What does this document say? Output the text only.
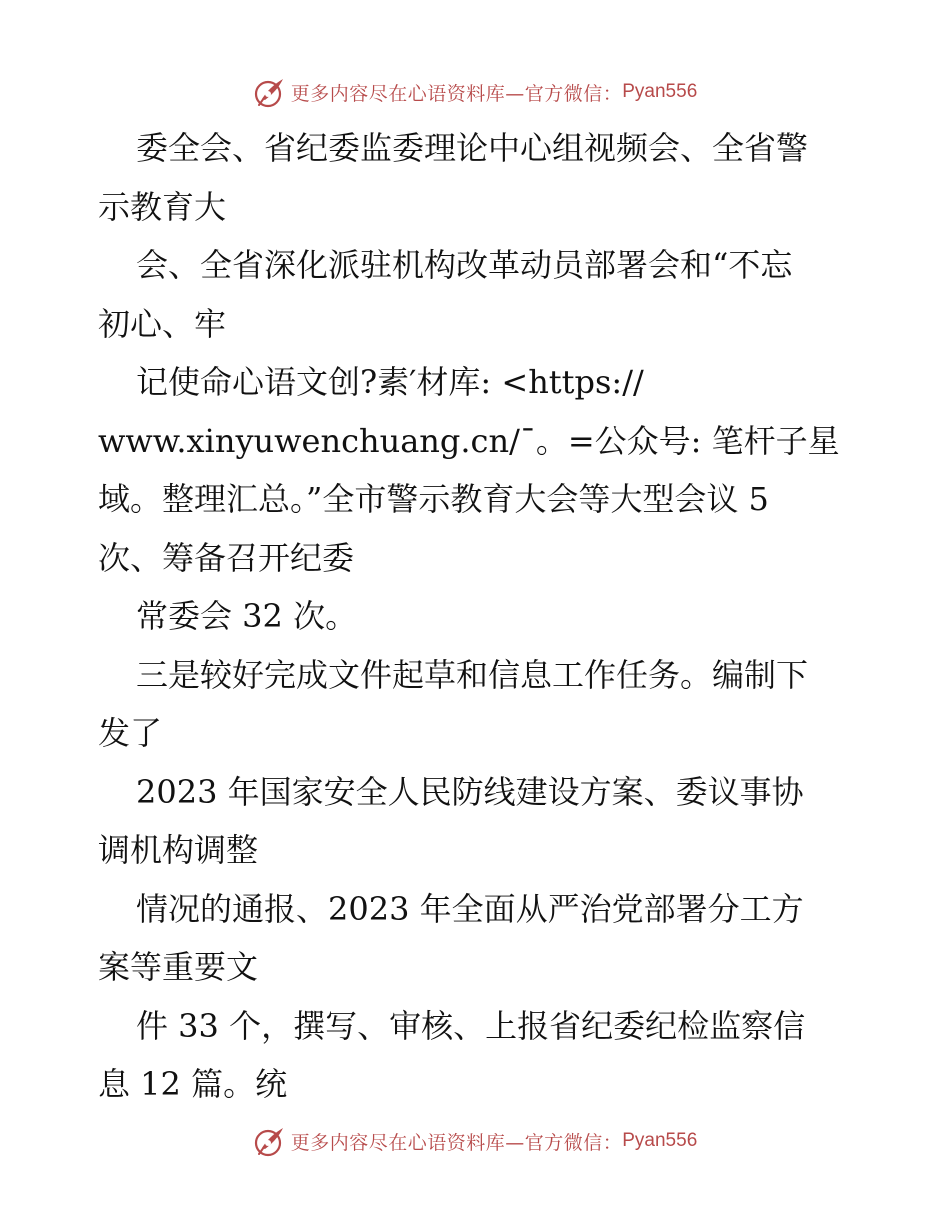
更多内容尽在心语资料库—官方微信： Pyan556
委全会、省纪委监委理论中心组视频会、全省警
示教育大
会、全省深化派驻机构改革动员部署会和“不忘
初心、牢
记使命心语文创?素′材库: <https://
www.xinyuwenchuang.cn/¯。=公众号: 笔杆子星
域。整理汇总。”全市警示教育大会等大型会议 5
次、筹备召开纪委
常委会 32 次。
三是较好完成文件起草和信息工作任务。编制下
发了
2023 年国家安全人民防线建设方案、委议事协
调机构调整
情况的通报、2023 年全面从严治党部署分工方
案等重要文
件 33 个，撰写、审核、上报省纪委纪检监察信
息 12 篇。统
更多内容尽在心语资料库—官方微信： Pyan556
